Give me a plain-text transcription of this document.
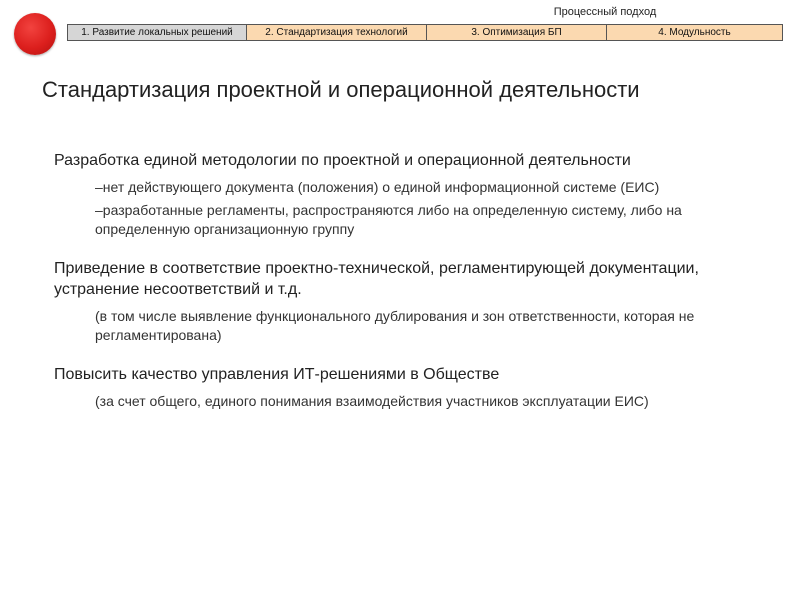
Процессный подход
1. Развитие локальных решений	2. Стандартизация технологий	3. Оптимизация БП	4. Модульность
Стандартизация проектной и операционной деятельности
Разработка единой методологии по проектной и операционной деятельности
–нет действующего документа (положения) о единой информационной системе (ЕИС)
–разработанные регламенты, распространяются либо на определенную систему, либо на определенную организационную группу
Приведение в соответствие проектно-технической, регламентирующей документации, устранение несоответствий и т.д.
(в том числе выявление функционального дублирования и зон ответственности, которая не регламентирована)
Повысить качество управления ИТ-решениями в Обществе
(за счет общего, единого понимания взаимодействия участников эксплуатации ЕИС)
